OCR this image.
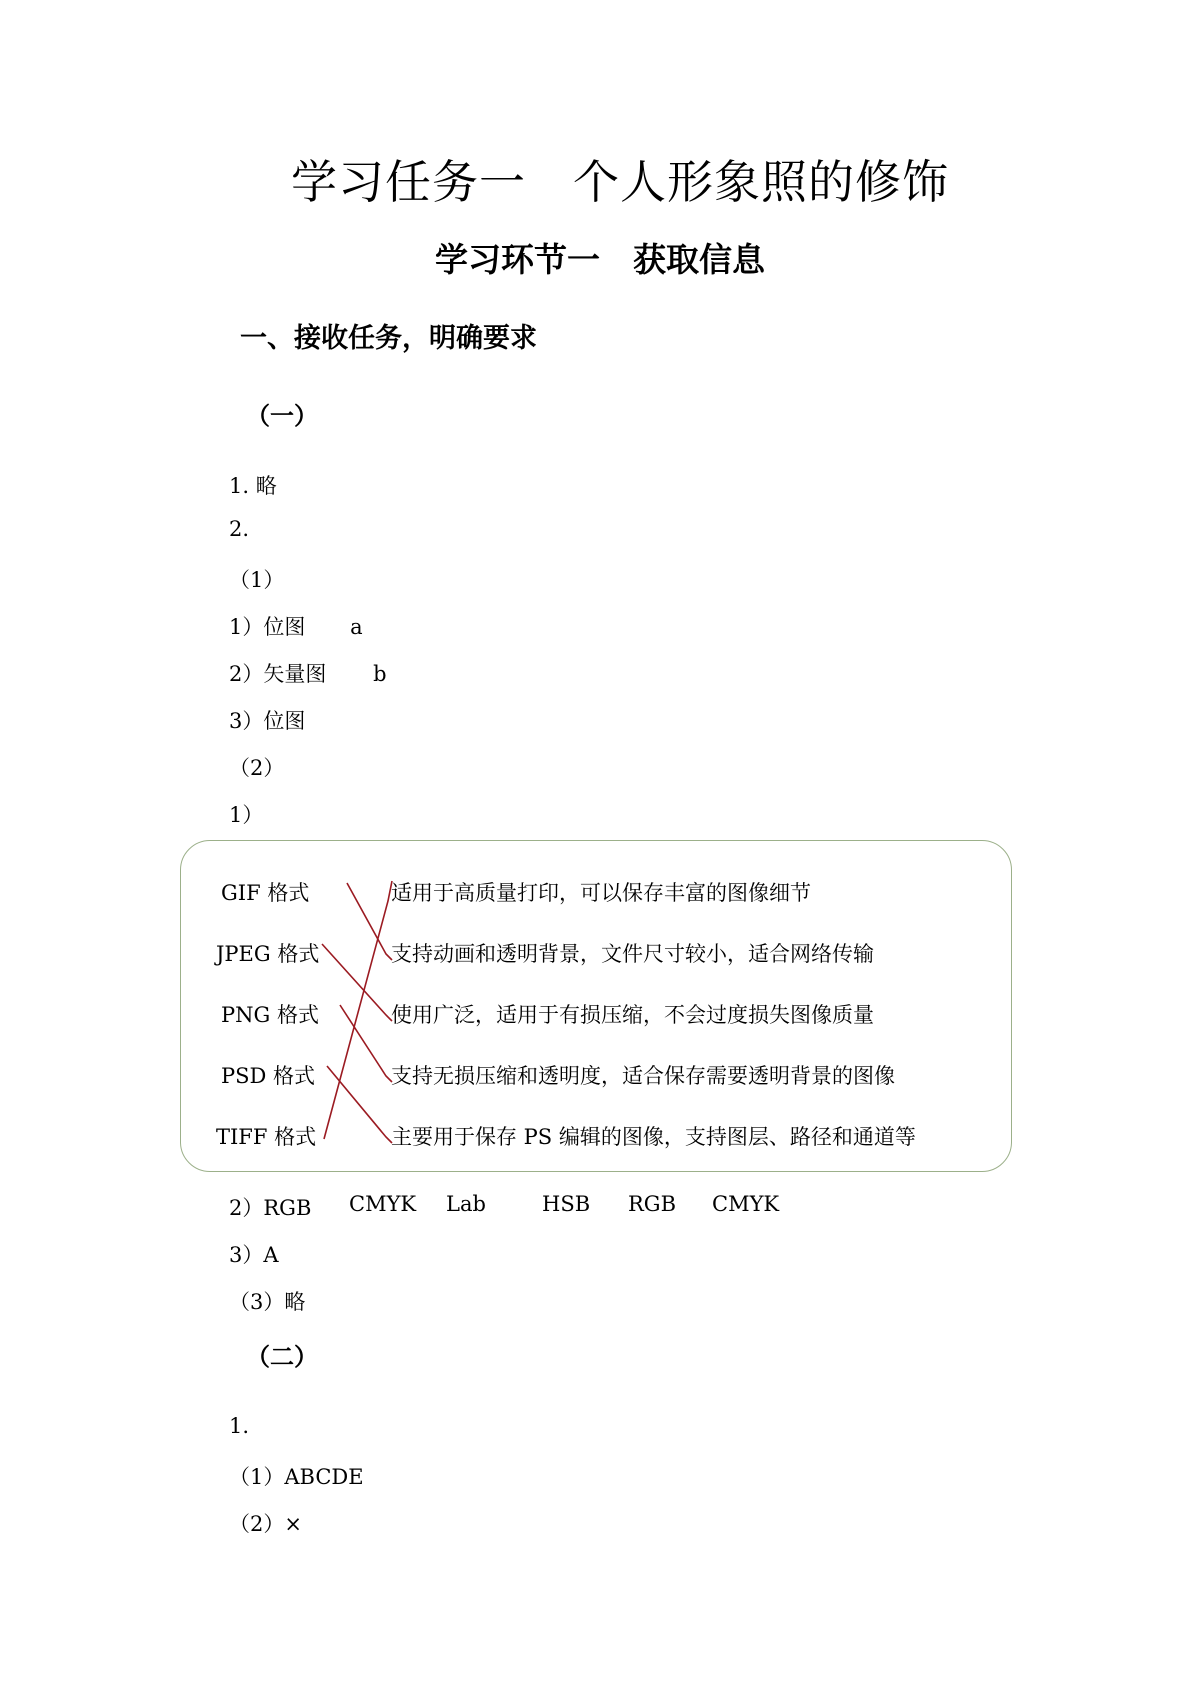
学习任务一　个人形象照的修饰
学习环节一　获取信息
一、接收任务，明确要求
（一）
1. 略
2.
（1）
1）位图 a
2）矢量图 b
3）位图
（2）
1）
GIF 格式
JPEG 格式
PNG 格式
PSD 格式
TIFF 格式
适用于高质量打印，可以保存丰富的图像细节
支持动画和透明背景，文件尺寸较小，适合网络传输
使用广泛，适用于有损压缩，不会过度损失图像质量
支持无损压缩和透明度，适合保存需要透明背景的图像
主要用于保存 PS 编辑的图像，支持图层、路径和通道等
2）RGB CMYK Lab	HSB RGB CMYK
3）A
（3）略
（二）
1.
（1）ABCDE
（2）×
